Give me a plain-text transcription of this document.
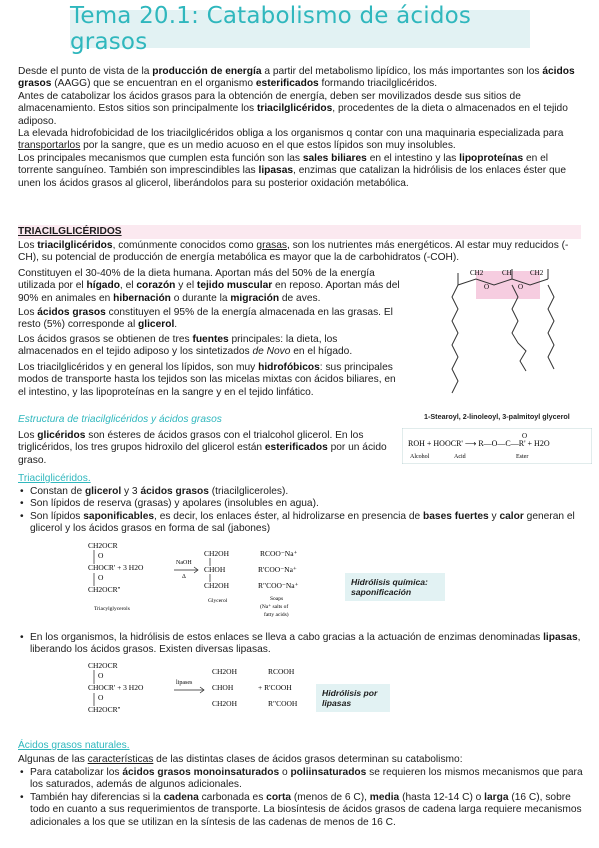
Tema 20.1: Catabolismo de ácidos grasos

Desde el punto de vista de la producción de energía a partir del metabolismo lipídico, los más importantes son los ácidos grasos (AAGG) que se encuentran en el organismo esterificados formando triacilglicéridos.

Antes de catabolizar los ácidos grasos para la obtención de energía, deben ser movilizados desde sus sitios de almacenamiento. Estos sitios son principalmente los triacilglicéridos, procedentes de la dieta o almacenados en el tejido adiposo.

La elevada hidrofobicidad de los triacilglicéridos obliga a los organismos q contar con una maquinaria especializada para transportarlos por la sangre, que es un medio acuoso en el que estos lípidos son muy insolubles.

Los principales mecanismos que cumplen esta función son las sales biliares en el intestino y las lipoproteínas en el torrente sanguíneo. También son imprescindibles las lipasas, enzimas que catalizan la hidrólisis de los enlaces éster que unen los ácidos grasos al glicerol, liberándolos para su posterior oxidación metabólica.

TRIACILGLICÉRIDOS

Los triacilglicéridos, comúnmente conocidos como grasas, son los nutrientes más energéticos. Al estar muy reducidos (-CH), su potencial de producción de energía metabólica es mayor que la de carbohidratos (-COH).

Constituyen el 30-40% de la dieta humana. Aportan más del 50% de la energía utilizada por el hígado, el corazón y el tejido muscular en reposo. Aportan más del 90% en animales en hibernación o durante la migración de aves.

Los ácidos grasos constituyen el 95% de la energía almacenada en las grasas. El resto (5%) corresponde al glicerol.

Los ácidos grasos se obtienen de tres fuentes principales: la dieta, los almacenados en el tejido adiposo y los sintetizados de Novo en el hígado.

Los triacilglicéridos y en general los lípidos, son muy hidrofóbicos: sus principales modos de transporte hasta los tejidos son las micelas mixtas con ácidos biliares, en el intestino, y las lipoproteínas en la sangre y en el tejido linfático.

CH2	CH	CH2
O	O
1-Stearoyl, 2-linoleoyl, 3-palmitoyl glycerol

Estructura de triacilglicéridos y ácidos grasos

Los glicéridos son ésteres de ácidos grasos con el trialcohol glicerol. En los triglicéridos, los tres grupos hidroxilo del glicerol están esterificados por un ácido graso.

ROH + HOOCR' ⟶ R—O—C—R' + H2O
O
Alcohol	Acid	Ester

Triacilglicéridos.

• Constan de glicerol y 3 ácidos grasos (triacilgliceroles).
• Son lípidos de reserva (grasas) y apolares (insolubles en agua).
• Son lípidos saponificables, es decir, los enlaces éster, al hidrolizarse en presencia de bases fuertes y calor generan el glicerol y los ácidos grasos en forma de sal (jabones)
CH2OCR
O
CHOCR' + 3 H2O
O
CH2OCR''
Triacylglycerols
NaOH
Δ
CH2OH
CHOH
CH2OH
Glycerol
RCOO⁻Na⁺
R'COO⁻Na⁺
R"COO⁻Na⁺
Soaps
(Na⁺ salts of
fatty acids)
Hidrólisis química: saponificación
• En los organismos, la hidrólisis de estos enlaces se lleva a cabo gracias a la actuación de enzimas denominadas lipasas, liberando los ácidos grasos. Existen diversas lipasas.
CH2OCR
O
CHOCR' + 3 H2O
O
CH2OCR''
lipases
CH2OH
CHOH
CH2OH
RCOOH
+ R'COOH
R"COOH
Hidrólisis por lipasas

Ácidos grasos naturales.

Algunas de las características de las distintas clases de ácidos grasos determinan su catabolismo:

• Para catabolizar los ácidos grasos monoinsaturados o poliinsaturados se requieren los mismos mecanismos que para los saturados, además de algunos adicionales.
• También hay diferencias si la cadena carbonada es corta (menos de 6 C), media (hasta 12-14 C) o larga (16 C), sobre todo en cuanto a sus requerimientos de transporte. La biosíntesis de ácidos grasos de cadena larga requiere mecanismos adicionales a los que se utilizan en la síntesis de las cadenas de menos de 16 C.
